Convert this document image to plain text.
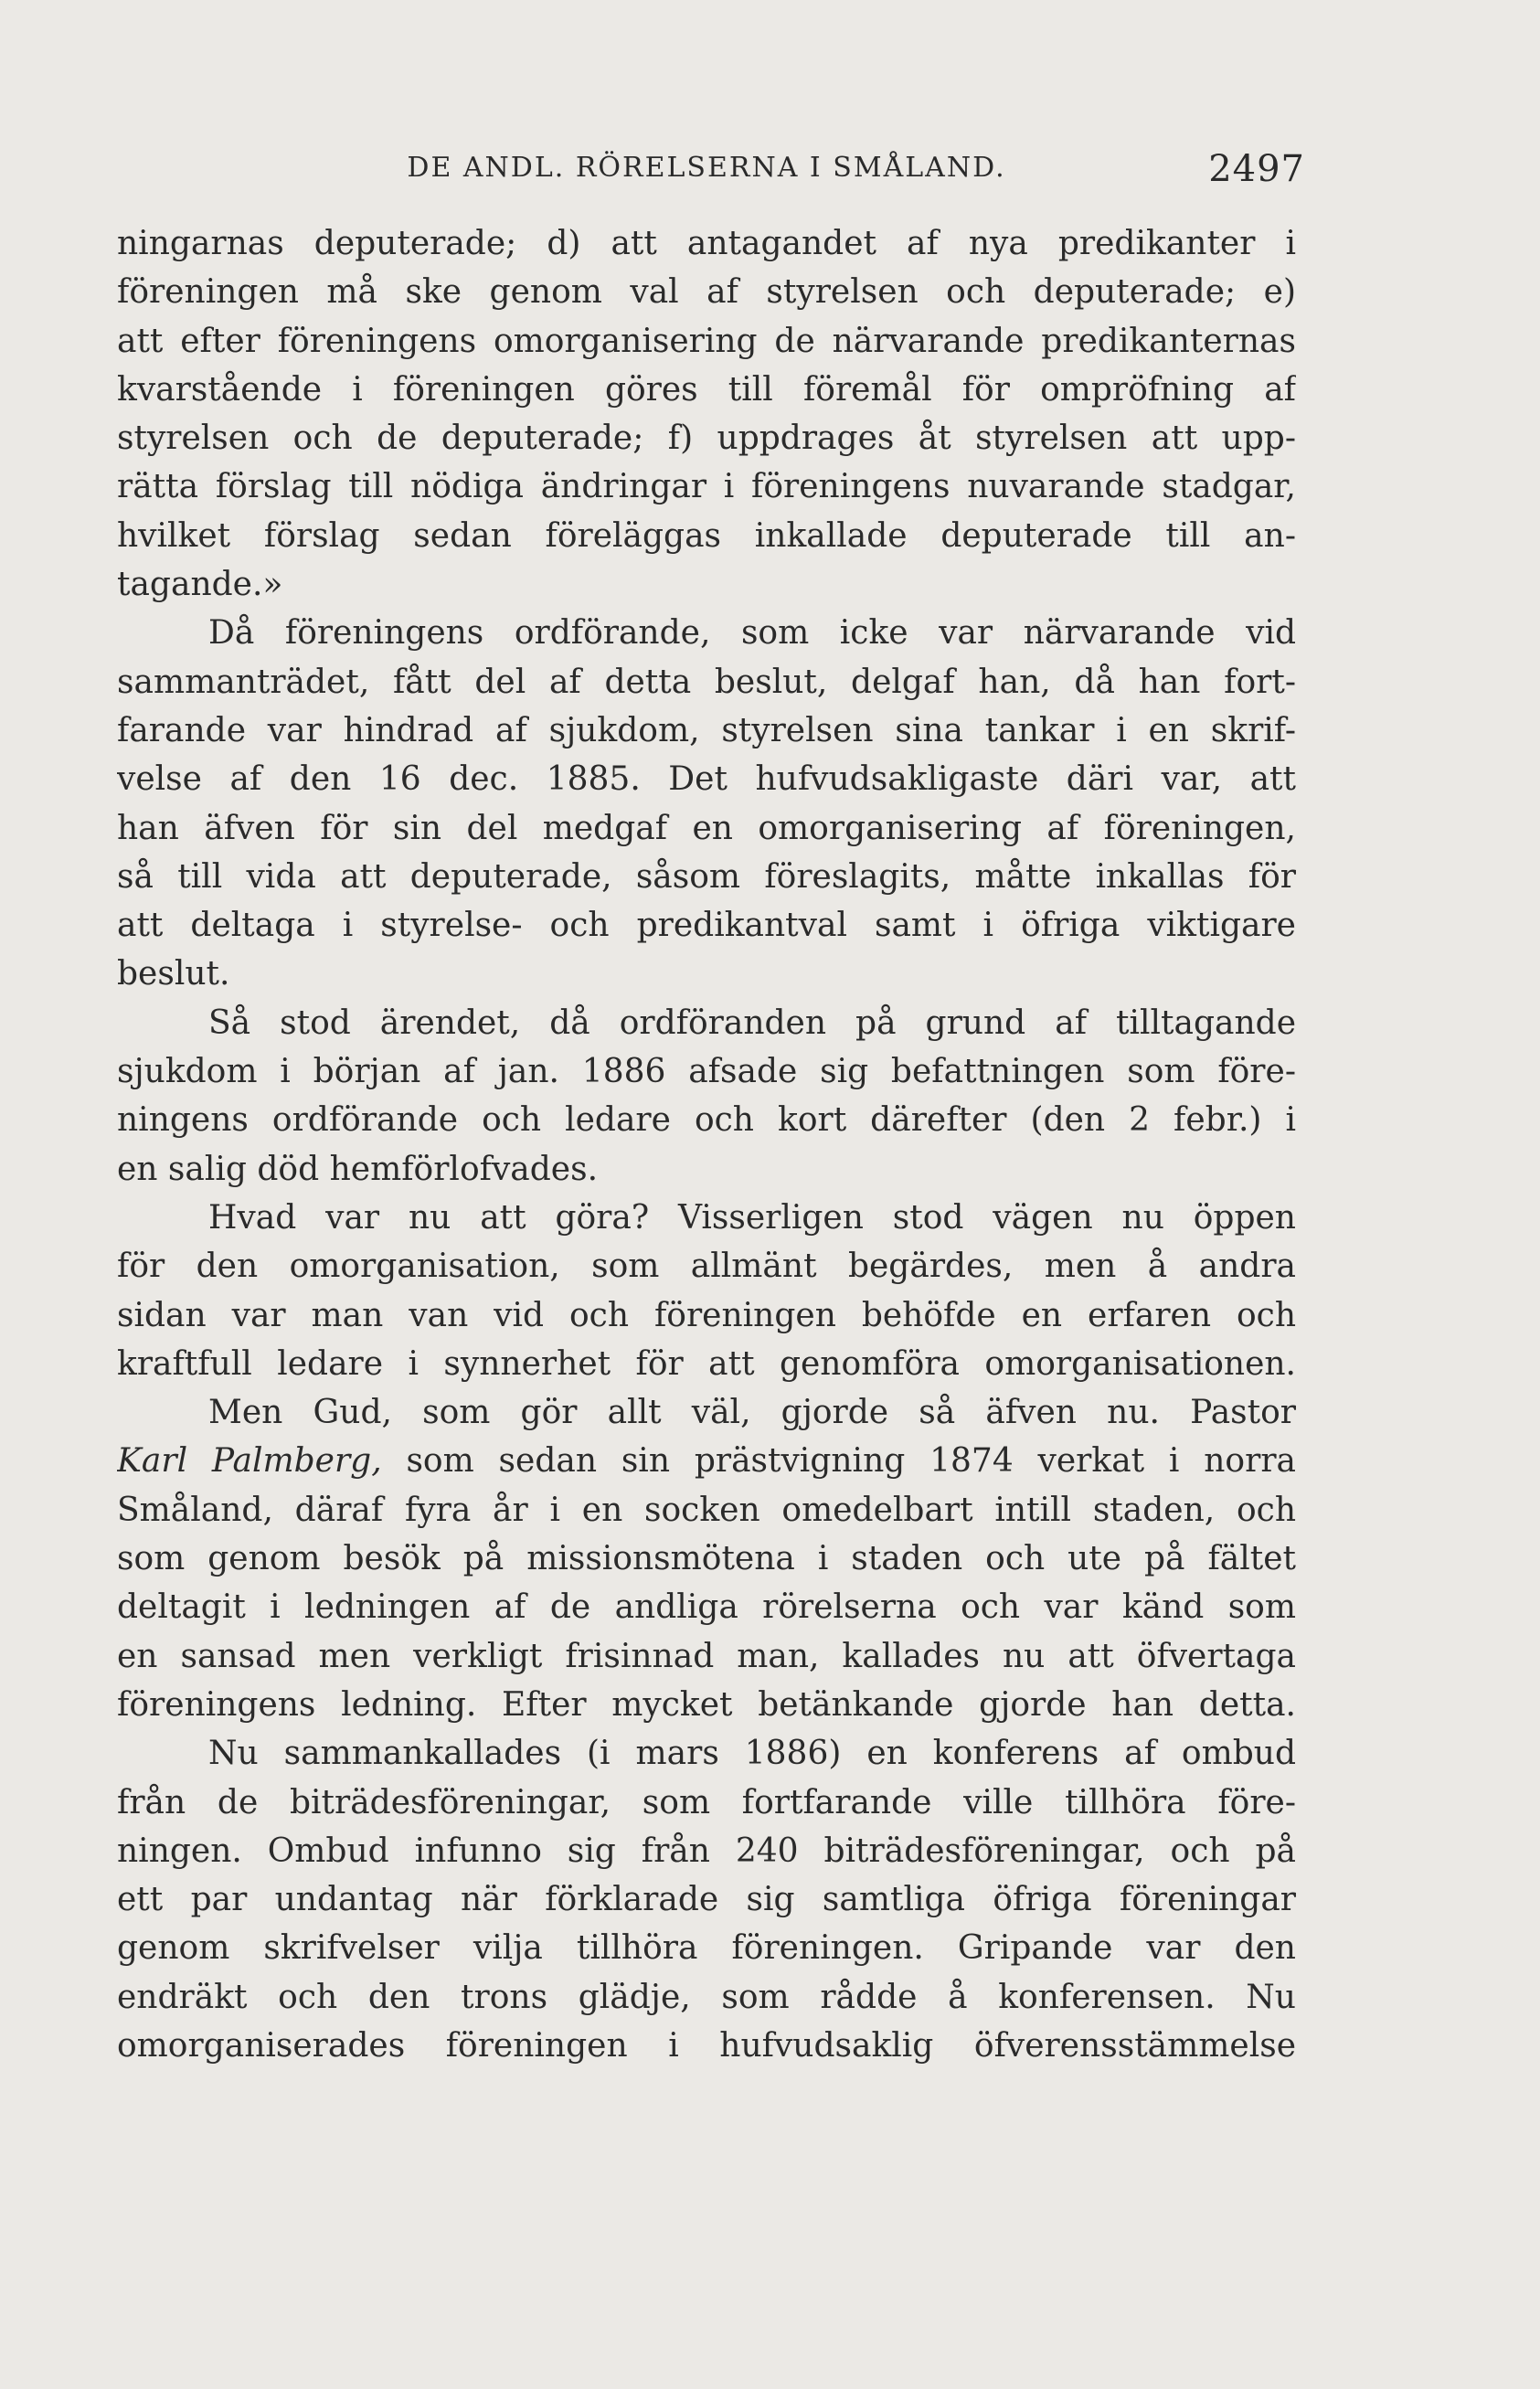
DE ANDL. RÖRELSERNA I SMÅLAND.	2497
ningarnas deputerade; d) att antagandet af nya predikanter i
föreningen må ske genom val af styrelsen och deputerade; e)
att efter föreningens omorganisering de närvarande predikanternas
kvarstående i föreningen göres till föremål för ompröfning af
styrelsen och de deputerade; f) uppdrages åt styrelsen att upp-
rätta förslag till nödiga ändringar i föreningens nuvarande stadgar,
hvilket förslag sedan föreläggas inkallade deputerade till an-
tagande.»
Då föreningens ordförande, som icke var närvarande vid
sammanträdet, fått del af detta beslut, delgaf han, då han fort-
farande var hindrad af sjukdom, styrelsen sina tankar i en skrif-
velse af den 16 dec. 1885. Det hufvudsakligaste däri var, att
han äfven för sin del medgaf en omorganisering af föreningen,
så till vida att deputerade, såsom föreslagits, måtte inkallas för
att deltaga i styrelse- och predikantval samt i öfriga viktigare
beslut.
Så stod ärendet, då ordföranden på grund af tilltagande
sjukdom i början af jan. 1886 afsade sig befattningen som före-
ningens ordförande och ledare och kort därefter (den 2 febr.) i
en salig död hemförlofvades.
Hvad var nu att göra? Visserligen stod vägen nu öppen
för den omorganisation, som allmänt begärdes, men å andra
sidan var man van vid och föreningen behöfde en erfaren och
kraftfull ledare i synnerhet för att genomföra omorganisationen.
Men Gud, som gör allt väl, gjorde så äfven nu. Pastor
Karl Palmberg, som sedan sin prästvigning 1874 verkat i norra
Småland, däraf fyra år i en socken omedelbart intill staden, och
som genom besök på missionsmötena i staden och ute på fältet
deltagit i ledningen af de andliga rörelserna och var känd som
en sansad men verkligt frisinnad man, kallades nu att öfvertaga
föreningens ledning. Efter mycket betänkande gjorde han detta.
Nu sammankallades (i mars 1886) en konferens af ombud
från de biträdesföreningar, som fortfarande ville tillhöra före-
ningen. Ombud infunno sig från 240 biträdesföreningar, och på
ett par undantag när förklarade sig samtliga öfriga föreningar
genom skrifvelser vilja tillhöra föreningen. Gripande var den
endräkt och den trons glädje, som rådde å konferensen. Nu
omorganiserades föreningen i hufvudsaklig öfverensstämmelse
